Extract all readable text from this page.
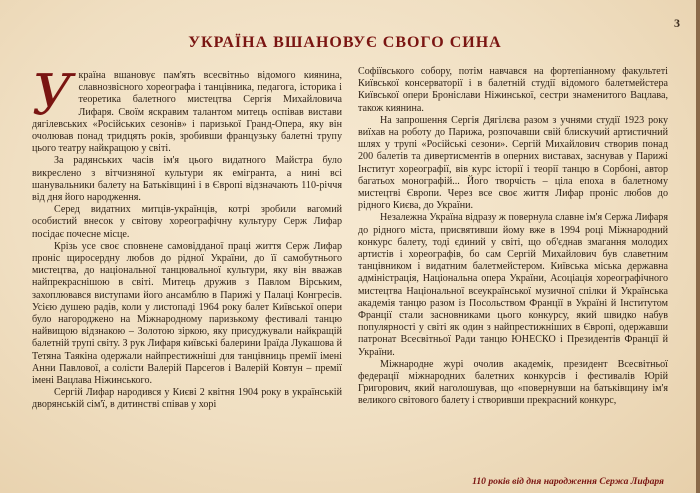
3
УКРАЇНА ВШАНОВУЄ СВОГО СИНА
У країна вшановує пам'ять всесвітньо відомого киянина, славнозвісного хореографа і танцівника, педагога, історика і теоретика балетного мистецтва Сергія Михайловича Лифаря. Своїм яскравим талантом митець оспівав вистави дягілевських «Російських сезонів» і паризької Гранд-Опера, яку він очолював понад тридцять років, зробивши французьку балетні трупу цього театру найкращою у світі.

За радянських часів ім'я цього видатного Майстра було викреслено з вітчизняної культури як емігранта, а нині всі шанувальники балету на Батьківщині і в Європі відзначають 110-річчя від дня його народження.

Серед видатних митців-українців, котрі зробили вагомий особистий внесок у світову хореографічну культуру Серж Лифар посідає почесне місце.

Крізь усе своє сповнене самовідданої праці життя Серж Лифар проніс щиросердну любов до рідної України, до її самобутнього мистецтва, до національної танцювальної культури, яку він вважав найпрекраснішою в світі. Митець дружив з Павлом Вірським, захоплювався виступами його ансамблю в Парижі у Палаці Конгресів. Усією душею радів, коли у листопаді 1964 року балет Київської опери було нагороджено на Міжнародному паризькому фестивалі танцю найвищою відзнакою – Золотою зіркою, яку присуджували найкращій балетній трупі світу. З рук Лифаря київські балерини Іраїда Лукашова й Тетяна Таякіна одержали найпрестижніші для танцівниць премії імені Анни Павлової, а солісти Валерій Парсегов і Валерій Ковтун – премії імені Вацлава Ніжинського.

Сергій Лифар народився у Києві 2 квітня 1904 року в українській дворянській сім'ї, в дитинстві співав у хорі

Софіївського собору, потім навчався на фортепіанному факультеті Київської консерваторії і в балетній студії відомого балетмейстера Київської опери Броніслави Ніжинської, сестри знаменитого Вацлава, також киянина.

На запрошення Сергія Дягілєва разом з учнями студії 1923 року виїхав на роботу до Парижа, розпочавши свій блискучий артистичний шлях у трупі «Російські сезони». Сергій Михайлович створив понад 200 балетів та дивертисментів в оперних виставах, заснував у Парижі Інститут хореографії, вів курс історії і теорії танцю в Сорбоні, автор багатьох монографій... Його творчість – ціла епоха в балетному мистецтві Європи. Через все своє життя Лифар проніс любов до рідного Києва, до України.

Незалежна Україна відразу ж повернула славне ім'я Сержа Лифаря до рідного міста, присвятивши йому вже в 1994 році Міжнародний конкурс балету, тоді єдиний у світі, що об'єднав змагання молодих артистів і хореографів, бо сам Сергій Михайлович був славетним танцівником і видатним балетмейстером. Київська міська державна адміністрація, Національна опера України, Асоціація хореографічного мистецтва Національної всеукраїнської музичної спілки й Українська академія танцю разом із Посольством Франції в Україні й Інститутом Франції стали засновниками цього конкурсу, який швидко набув популярності у світі як один з найпрестижніших в Європі, одержавши патронат Всесвітньої Ради танцю ЮНЕСКО і Президентів Франції й України.

Міжнародне журі очолив академік, президент Всесвітньої федерації міжнародних балетних конкурсів і фестивалів Юрій Григорович, який наголошував, що «повернувши на батьківщину ім'я великого світового балету і створивши прекрасний конкурс,

110 років від дня народження Сержа Лифаря
